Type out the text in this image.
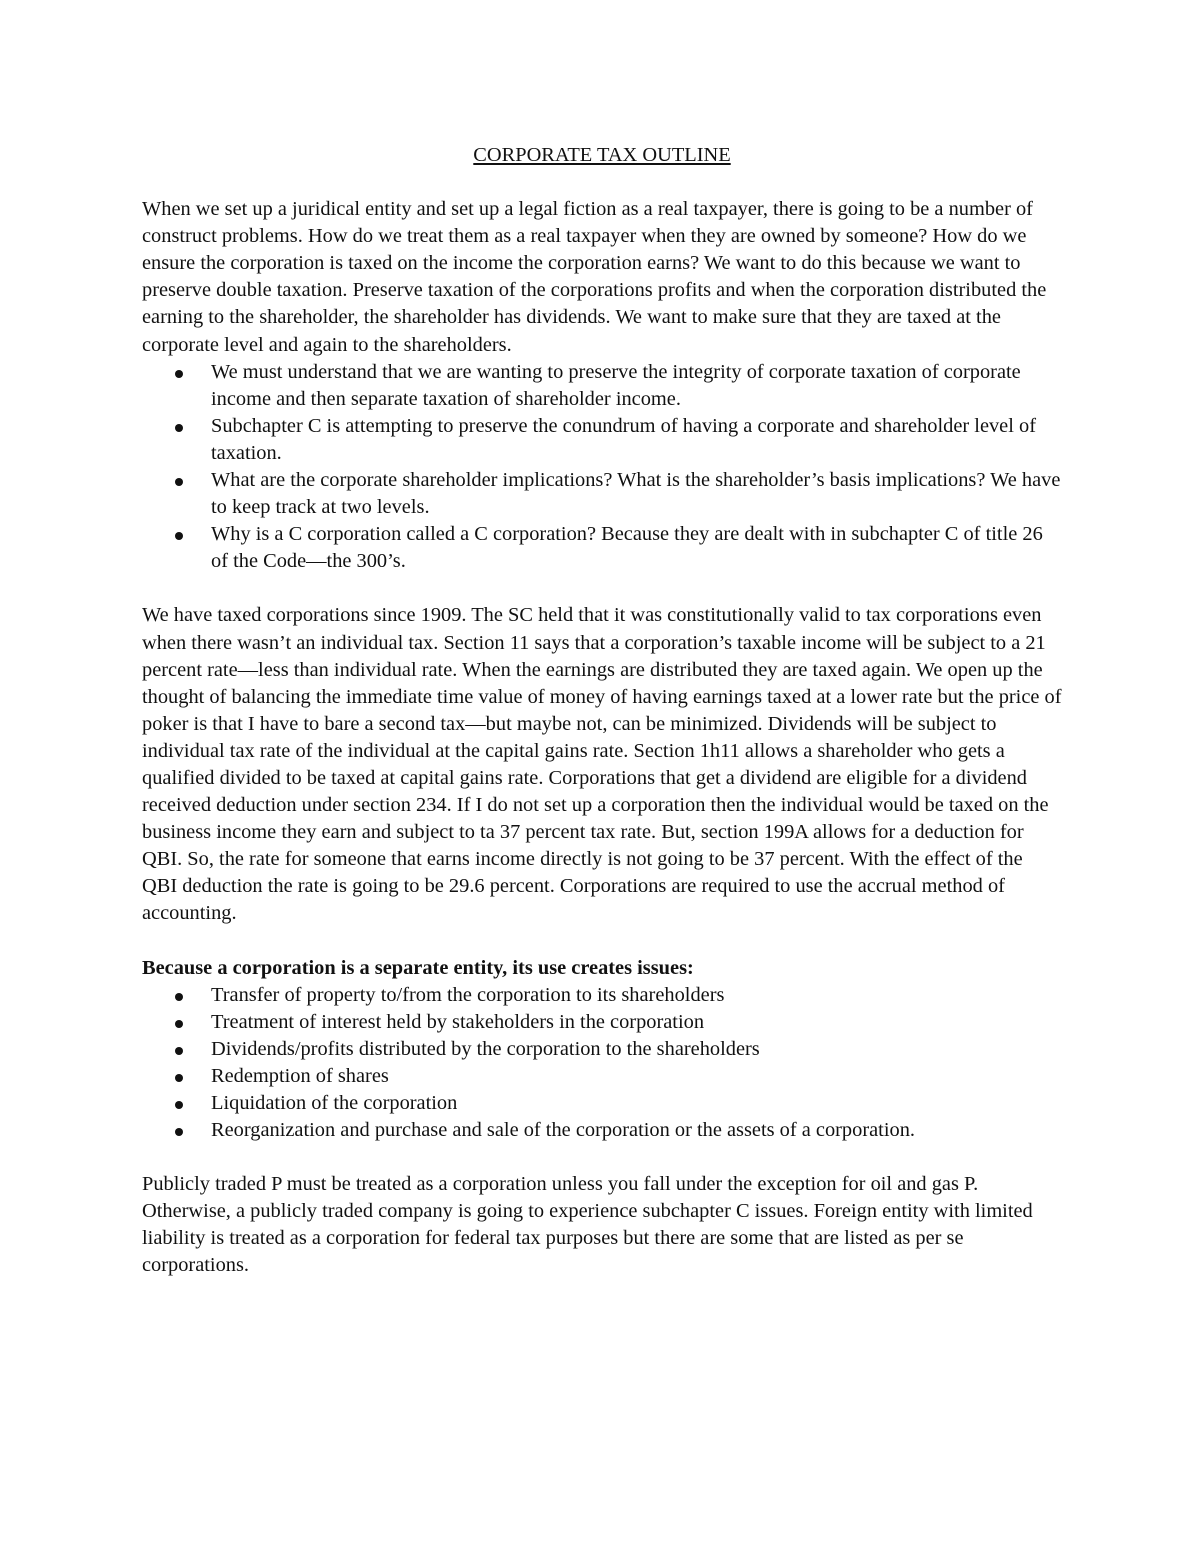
CORPORATE TAX OUTLINE

When we set up a juridical entity and set up a legal fiction as a real taxpayer, there is going to be a number of construct problems. How do we treat them as a real taxpayer when they are owned by someone? How do we ensure the corporation is taxed on the income the corporation earns? We want to do this because we want to preserve double taxation. Preserve taxation of the corporations profits and when the corporation distributed the earning to the shareholder, the shareholder has dividends. We want to make sure that they are taxed at the corporate level and again to the shareholders.

We must understand that we are wanting to preserve the integrity of corporate taxation of corporate income and then separate taxation of shareholder income.
Subchapter C is attempting to preserve the conundrum of having a corporate and shareholder level of taxation.
What are the corporate shareholder implications? What is the shareholder’s basis implications? We have to keep track at two levels.
Why is a C corporation called a C corporation? Because they are dealt with in subchapter C of title 26 of the Code—the 300’s.

We have taxed corporations since 1909. The SC held that it was constitutionally valid to tax corporations even when there wasn’t an individual tax. Section 11 says that a corporation’s taxable income will be subject to a 21 percent rate—less than individual rate. When the earnings are distributed they are taxed again. We open up the thought of balancing the immediate time value of money of having earnings taxed at a lower rate but the price of poker is that I have to bare a second tax—but maybe not, can be minimized. Dividends will be subject to individual tax rate of the individual at the capital gains rate. Section 1h11 allows a shareholder who gets a qualified divided to be taxed at capital gains rate. Corporations that get a dividend are eligible for a dividend received deduction under section 234. If I do not set up a corporation then the individual would be taxed on the business income they earn and subject to ta 37 percent tax rate. But, section 199A allows for a deduction for QBI. So, the rate for someone that earns income directly is not going to be 37 percent. With the effect of the QBI deduction the rate is going to be 29.6 percent. Corporations are required to use the accrual method of accounting.

Because a corporation is a separate entity, its use creates issues:

Transfer of property to/from the corporation to its shareholders
Treatment of interest held by stakeholders in the corporation
Dividends/profits distributed by the corporation to the shareholders
Redemption of shares
Liquidation of the corporation
Reorganization and purchase and sale of the corporation or the assets of a corporation.

Publicly traded P must be treated as a corporation unless you fall under the exception for oil and gas P. Otherwise, a publicly traded company is going to experience subchapter C issues. Foreign entity with limited liability is treated as a corporation for federal tax purposes but there are some that are listed as per se corporations.
